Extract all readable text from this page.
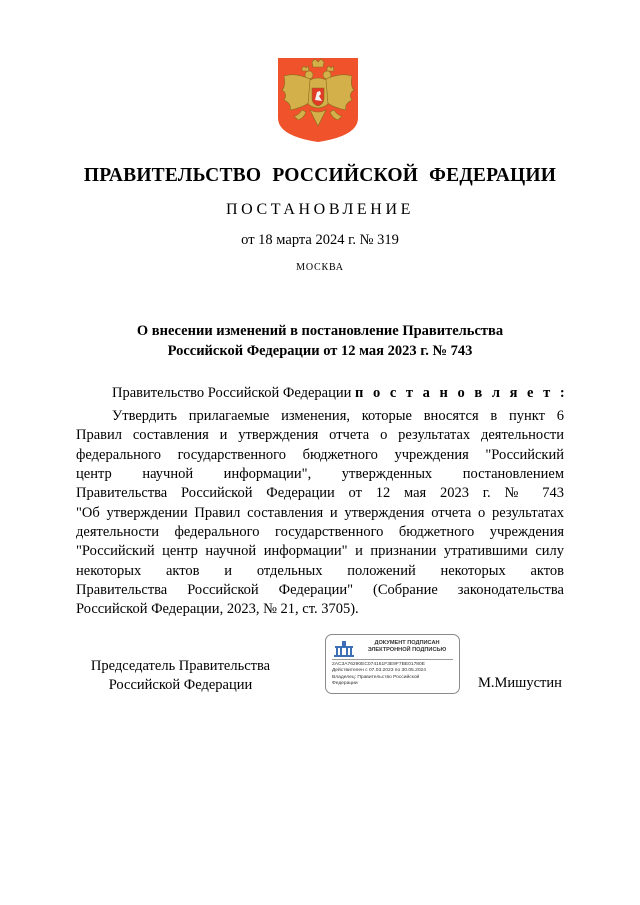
ПРАВИТЕЛЬСТВО РОССИЙСКОЙ ФЕДЕРАЦИИ
ПОСТАНОВЛЕНИЕ
от 18 марта 2024 г. № 319
МОСКВА
О внесении изменений в постановление Правительства
Российской Федерации от 12 мая 2023 г. № 743
Правительство Российской Федерации п о с т а н о в л я е т :
Утвердить прилагаемые изменения, которые вносятся в пункт 6
Правил составления и утверждения отчета о результатах деятельности
федерального государственного бюджетного учреждения "Российский
центр научной информации", утвержденных постановлением
Правительства Российской Федерации от 12 мая 2023 г. № 743
"Об утверждении Правил составления и утверждения отчета о результатах
деятельности федерального государственного бюджетного учреждения
"Российский центр научной информации" и признании утратившими силу
некоторых актов и отдельных положений некоторых актов
Правительства Российской Федерации" (Собрание законодательства
Российской Федерации, 2023, № 21, ст. 3705).
Председатель Правительства
Российской Федерации
ДОКУМЕНТ ПОДПИСАН
ЭЛЕКТРОННОЙ ПОДПИСЬЮ
2AC3A76290EC074161F3E9F7BE01780E
Действителен с 07.03.2023 по 30.05.2024
Владелец: Правительство Российской
Федерации	М.Мишустин
